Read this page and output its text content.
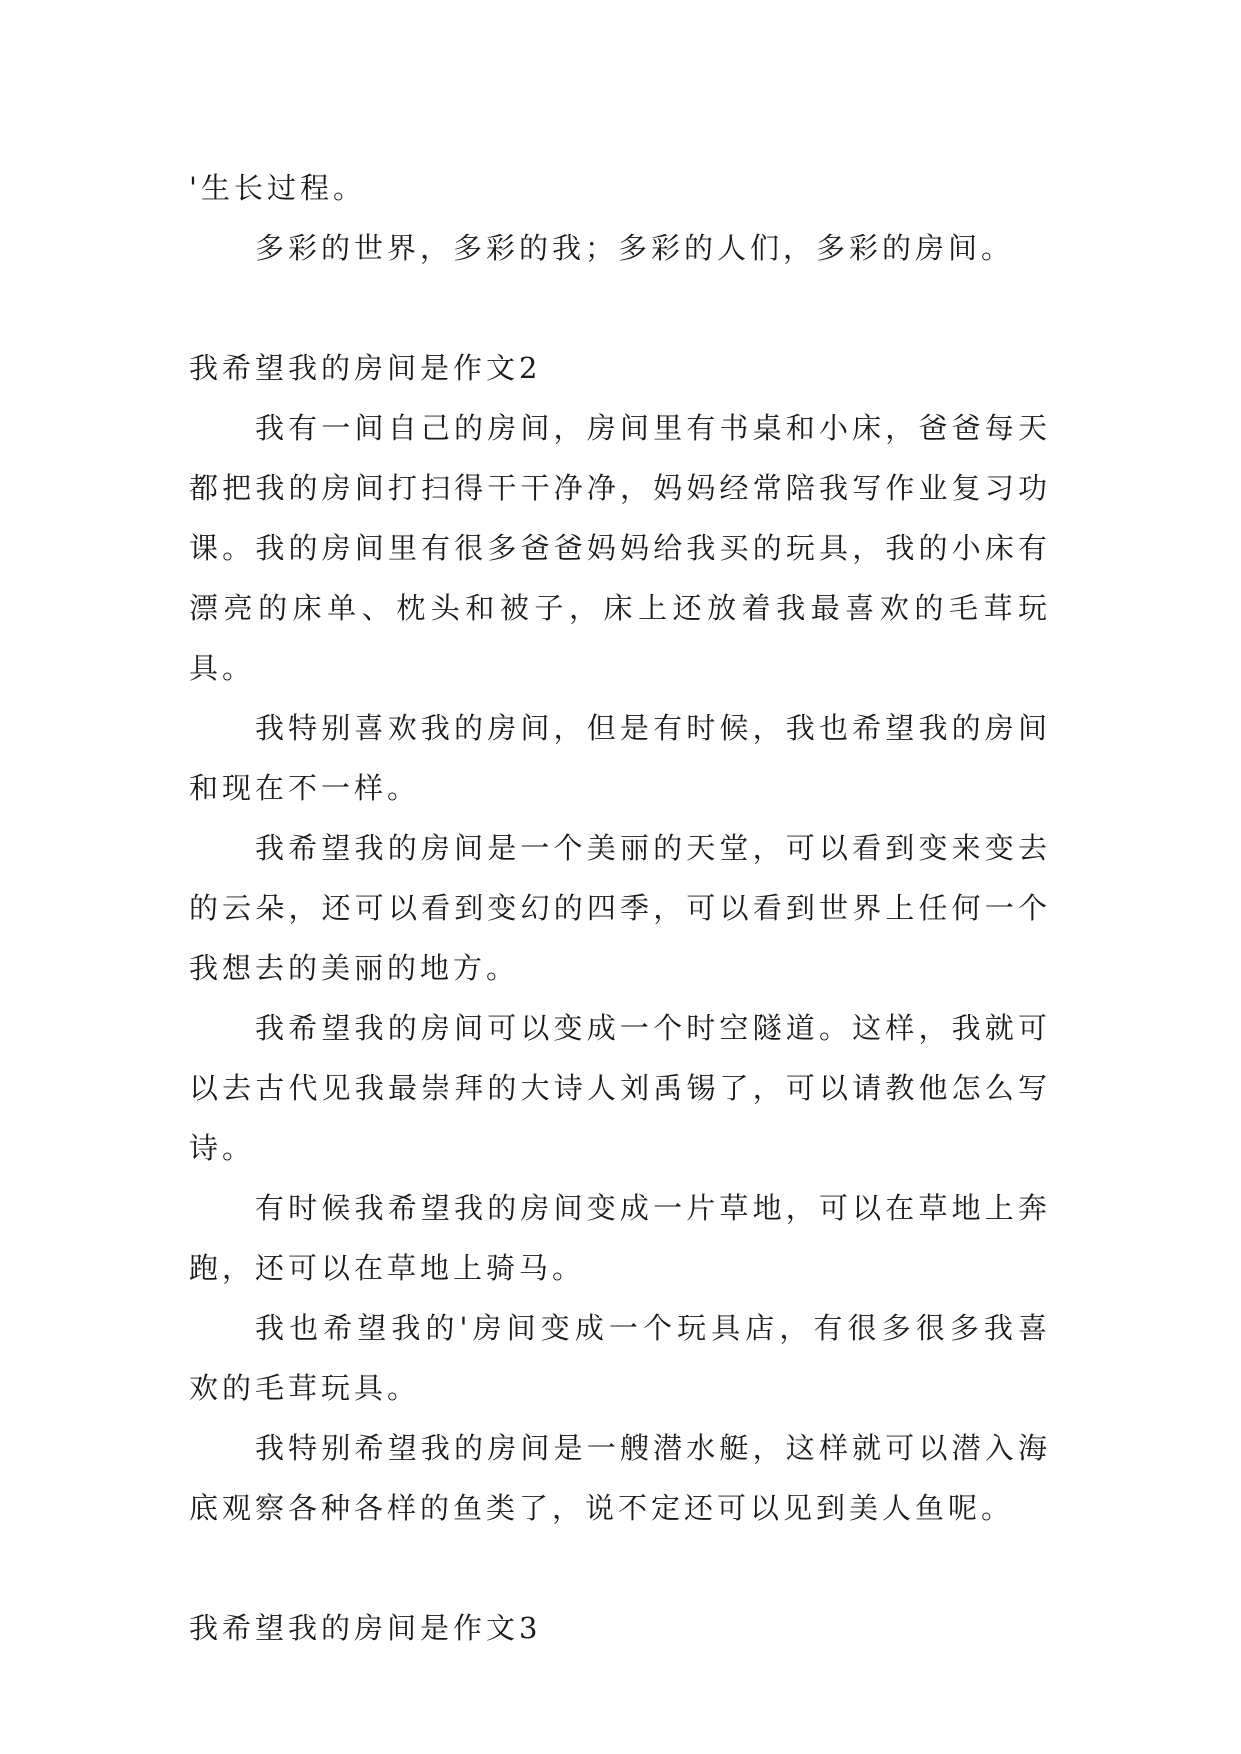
'生长过程。

多彩的世界，多彩的我；多彩的人们，多彩的房间。

我希望我的房间是作文2

我有一间自己的房间，房间里有书桌和小床，爸爸每天都把我的房间打扫得干干净净，妈妈经常陪我写作业复习功课。我的房间里有很多爸爸妈妈给我买的玩具，我的小床有漂亮的床单、枕头和被子，床上还放着我最喜欢的毛茸玩具。

我特别喜欢我的房间，但是有时候，我也希望我的房间和现在不一样。

我希望我的房间是一个美丽的天堂，可以看到变来变去的云朵，还可以看到变幻的四季，可以看到世界上任何一个我想去的美丽的地方。

我希望我的房间可以变成一个时空隧道。这样，我就可以去古代见我最崇拜的大诗人刘禹锡了，可以请教他怎么写诗。

有时候我希望我的房间变成一片草地，可以在草地上奔跑，还可以在草地上骑马。

我也希望我的'房间变成一个玩具店，有很多很多我喜欢的毛茸玩具。

我特别希望我的房间是一艘潜水艇，这样就可以潜入海底观察各种各样的鱼类了，说不定还可以见到美人鱼呢。

我希望我的房间是作文3
